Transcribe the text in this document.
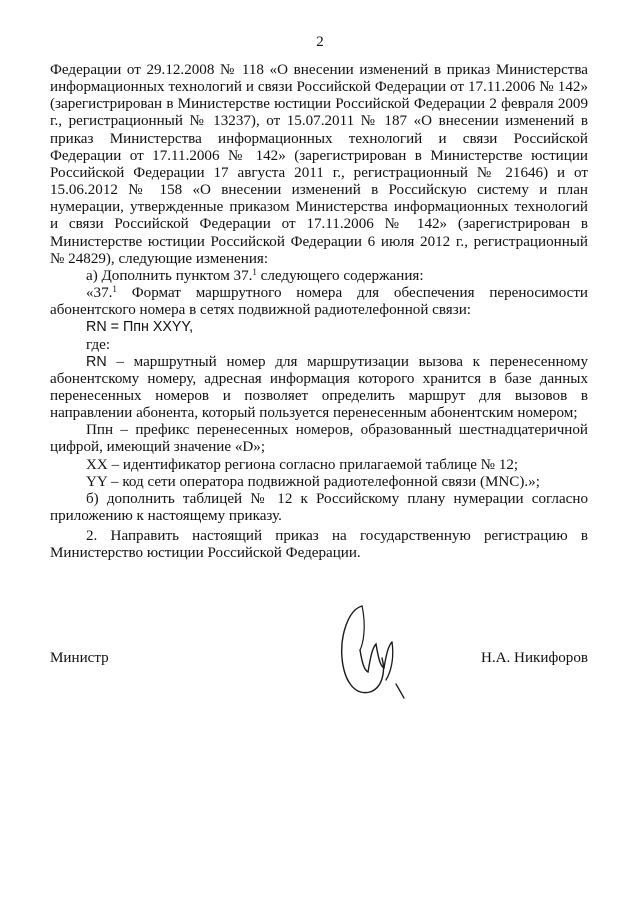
2

Федерации от 29.12.2008 № 118 «О внесении изменений в приказ Министерства информационных технологий и связи Российской Федерации от 17.11.2006 № 142» (зарегистрирован в Министерстве юстиции Российской Федерации 2 февраля 2009 г., регистрационный № 13237), от 15.07.2011 № 187 «О внесении изменений в приказ Министерства информационных технологий и связи Российской Федерации от 17.11.2006 № 142» (зарегистрирован в Министерстве юстиции Российской Федерации 17 августа 2011 г., регистрационный № 21646) и от 15.06.2012 № 158 «О внесении изменений в Российскую систему и план нумерации, утвержденные приказом Министерства информационных технологий и связи Российской Федерации от 17.11.2006 № 142» (зарегистрирован в Министерстве юстиции Российской Федерации 6 июля 2012 г., регистрационный № 24829), следующие изменения:

а) Дополнить пунктом 37.$^1$ следующего содержания:

«37.$^1$ Формат маршрутного номера для обеспечения переносимости абонентского номера в сетях подвижной радиотелефонной связи:

RN = Ппн XXYY,

где:

RN – маршрутный номер для маршрутизации вызова к перенесенному абонентскому номеру, адресная информация которого хранится в базе данных перенесенных номеров и позволяет определить маршрут для вызовов в направлении абонента, который пользуется перенесенным абонентским номером;

Ппн – префикс перенесенных номеров, образованный шестнадцатеричной цифрой, имеющий значение «D»;

XX – идентификатор региона согласно прилагаемой таблице № 12;

YY – код сети оператора подвижной радиотелефонной связи (MNC).»;

б) дополнить таблицей № 12 к Российскому плану нумерации согласно приложению к настоящему приказу.

2. Направить настоящий приказ на государственную регистрацию в Министерство юстиции Российской Федерации.

Министр	Н.А. Никифоров
